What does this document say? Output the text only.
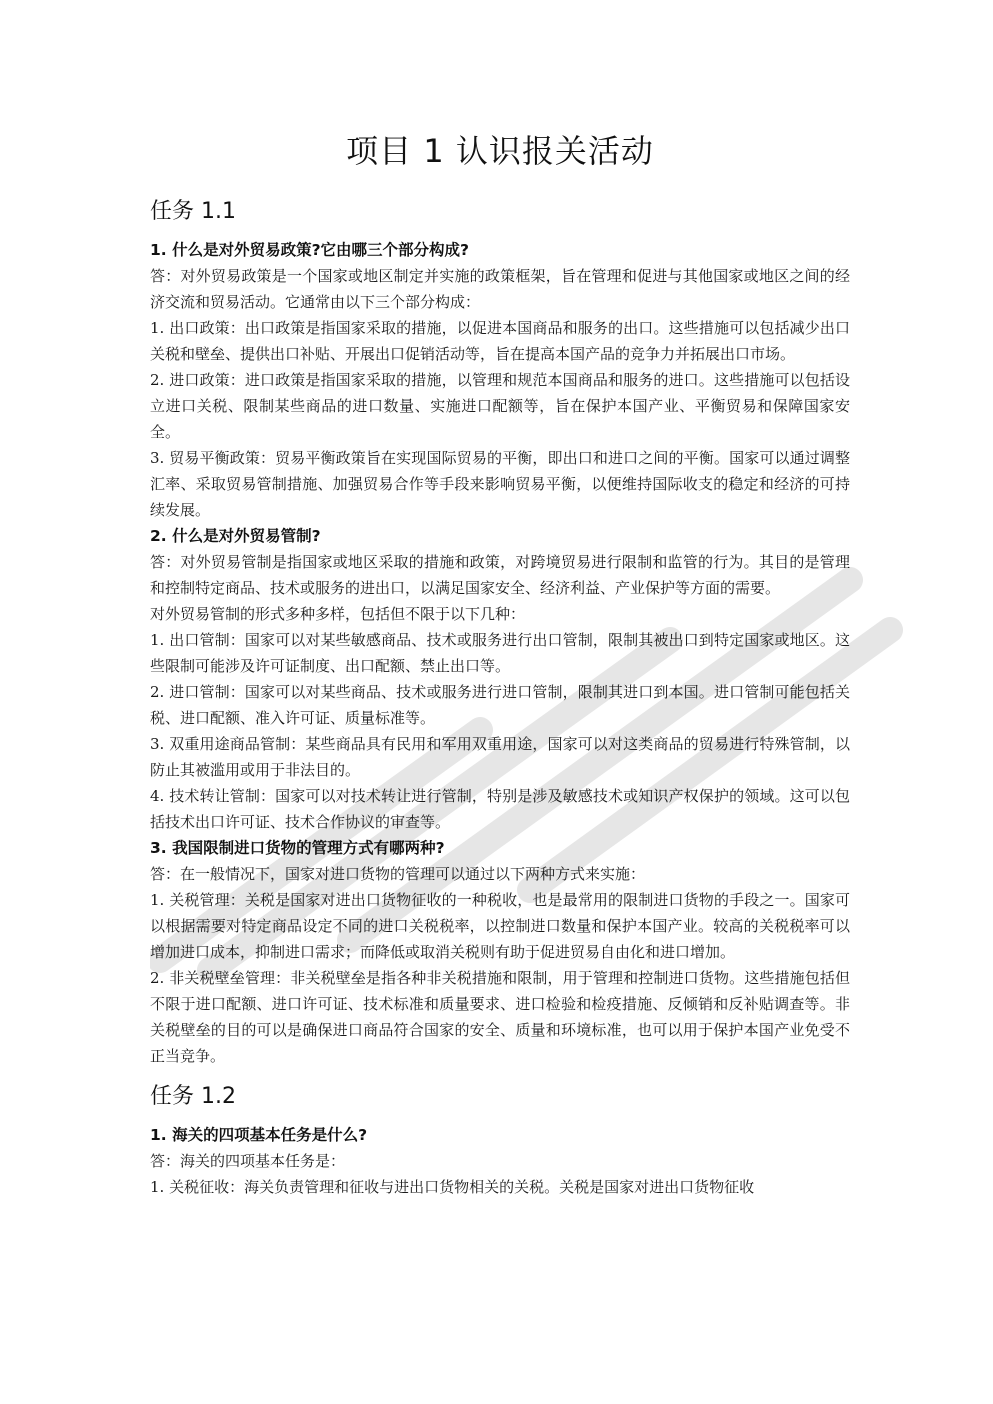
项目 1 认识报关活动
任务 1.1

1. 什么是对外贸易政策?它由哪三个部分构成?

答：对外贸易政策是一个国家或地区制定并实施的政策框架，旨在管理和促进与其他国家或地区之间的经济交流和贸易活动。它通常由以下三个部分构成：

1. 出口政策：出口政策是指国家采取的措施，以促进本国商品和服务的出口。这些措施可以包括减少出口关税和壁垒、提供出口补贴、开展出口促销活动等，旨在提高本国产品的竞争力并拓展出口市场。

2. 进口政策：进口政策是指国家采取的措施，以管理和规范本国商品和服务的进口。这些措施可以包括设立进口关税、限制某些商品的进口数量、实施进口配额等，旨在保护本国产业、平衡贸易和保障国家安全。

3. 贸易平衡政策：贸易平衡政策旨在实现国际贸易的平衡，即出口和进口之间的平衡。国家可以通过调整汇率、采取贸易管制措施、加强贸易合作等手段来影响贸易平衡，以便维持国际收支的稳定和经济的可持续发展。

2. 什么是对外贸易管制?

答：对外贸易管制是指国家或地区采取的措施和政策，对跨境贸易进行限制和监管的行为。其目的是管理和控制特定商品、技术或服务的进出口，以满足国家安全、经济利益、产业保护等方面的需要。

对外贸易管制的形式多种多样，包括但不限于以下几种：

1. 出口管制：国家可以对某些敏感商品、技术或服务进行出口管制，限制其被出口到特定国家或地区。这些限制可能涉及许可证制度、出口配额、禁止出口等。

2. 进口管制：国家可以对某些商品、技术或服务进行进口管制，限制其进口到本国。进口管制可能包括关税、进口配额、准入许可证、质量标准等。

3. 双重用途商品管制：某些商品具有民用和军用双重用途，国家可以对这类商品的贸易进行特殊管制，以防止其被滥用或用于非法目的。

4. 技术转让管制：国家可以对技术转让进行管制，特别是涉及敏感技术或知识产权保护的领域。这可以包括技术出口许可证、技术合作协议的审查等。

3. 我国限制进口货物的管理方式有哪两种?

答：在一般情况下，国家对进口货物的管理可以通过以下两种方式来实施：

1. 关税管理：关税是国家对进出口货物征收的一种税收，也是最常用的限制进口货物的手段之一。国家可以根据需要对特定商品设定不同的进口关税税率，以控制进口数量和保护本国产业。较高的关税税率可以增加进口成本，抑制进口需求；而降低或取消关税则有助于促进贸易自由化和进口增加。

2. 非关税壁垒管理：非关税壁垒是指各种非关税措施和限制，用于管理和控制进口货物。这些措施包括但不限于进口配额、进口许可证、技术标准和质量要求、进口检验和检疫措施、反倾销和反补贴调查等。非关税壁垒的目的可以是确保进口商品符合国家的安全、质量和环境标准，也可以用于保护本国产业免受不正当竞争。

任务 1.2

1. 海关的四项基本任务是什么?

答：海关的四项基本任务是：

1. 关税征收：海关负责管理和征收与进出口货物相关的关税。关税是国家对进出口货物征收
